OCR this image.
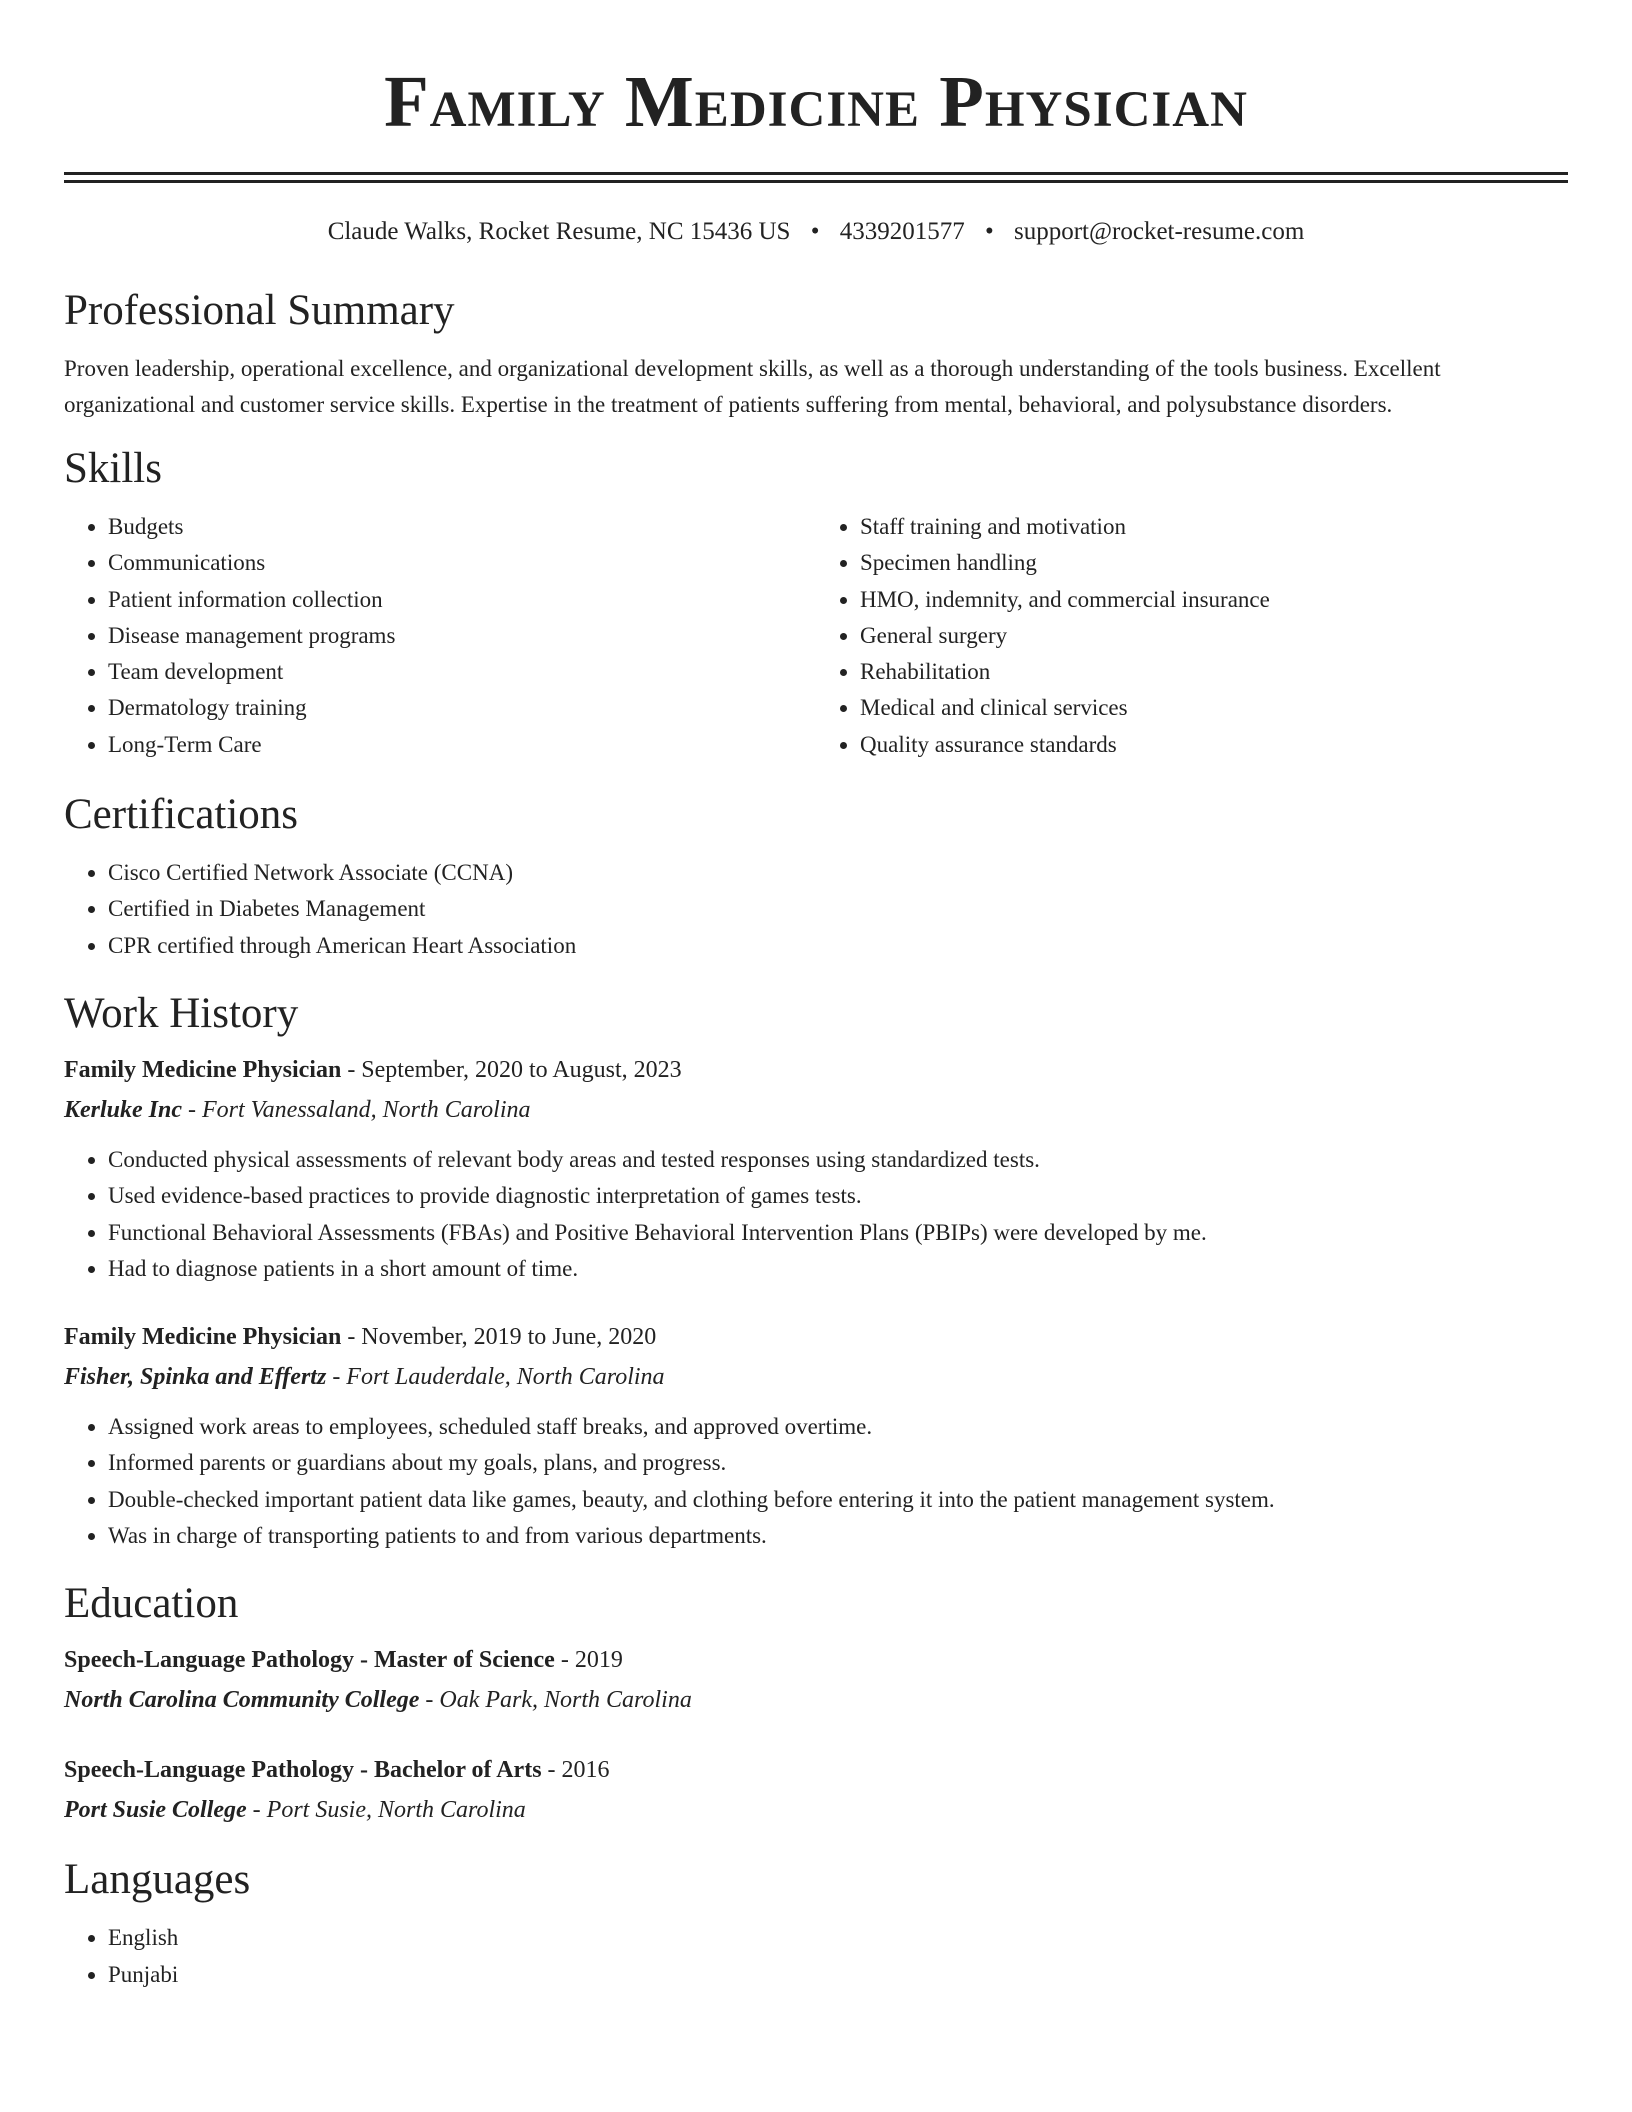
Family Medicine Physician
Claude Walks, Rocket Resume, NC 15436 US • 4339201577 • support@rocket-resume.com
Professional Summary

Proven leadership, operational excellence, and organizational development skills, as well as a thorough understanding of the tools business. Excellent organizational and customer service skills. Expertise in the treatment of patients suffering from mental, behavioral, and polysubstance disorders.

Skills
• Budgets
• Communications
• Patient information collection
• Disease management programs
• Team development
• Dermatology training
• Long-Term Care
• Staff training and motivation
• Specimen handling
• HMO, indemnity, and commercial insurance
• General surgery
• Rehabilitation
• Medical and clinical services
• Quality assurance standards
Certifications
• Cisco Certified Network Associate (CCNA)
• Certified in Diabetes Management
• CPR certified through American Heart Association
Work History
Family Medicine Physician - September, 2020 to August, 2023
Kerluke Inc - Fort Vanessaland, North Carolina
• Conducted physical assessments of relevant body areas and tested responses using standardized tests.
• Used evidence-based practices to provide diagnostic interpretation of games tests.
• Functional Behavioral Assessments (FBAs) and Positive Behavioral Intervention Plans (PBIPs) were developed by me.
• Had to diagnose patients in a short amount of time.
Family Medicine Physician - November, 2019 to June, 2020
Fisher, Spinka and Effertz - Fort Lauderdale, North Carolina
• Assigned work areas to employees, scheduled staff breaks, and approved overtime.
• Informed parents or guardians about my goals, plans, and progress.
• Double-checked important patient data like games, beauty, and clothing before entering it into the patient management system.
• Was in charge of transporting patients to and from various departments.
Education
Speech-Language Pathology - Master of Science - 2019
North Carolina Community College - Oak Park, North Carolina
Speech-Language Pathology - Bachelor of Arts - 2016
Port Susie College - Port Susie, North Carolina
Languages
• English
• Punjabi
